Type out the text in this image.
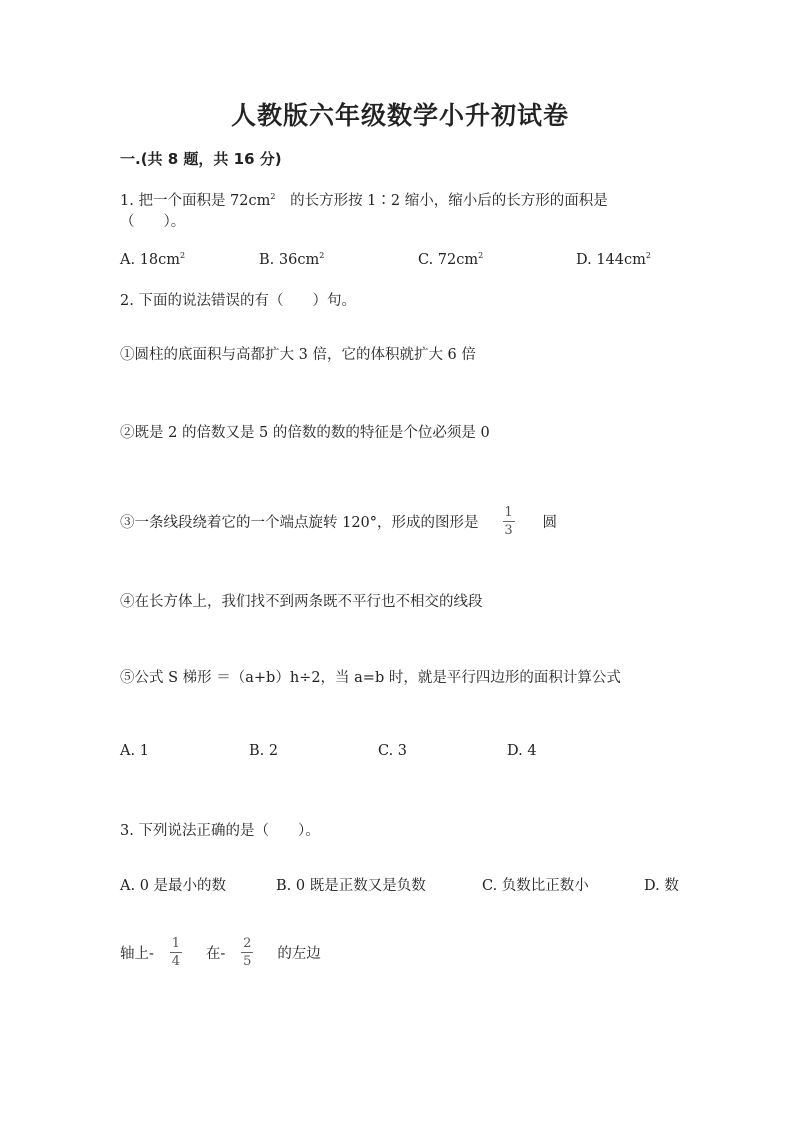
人教版六年级数学小升初试卷
一.(共 8 题，共 16 分)
1. 把一个面积是 $72cm^2$ 的长方形按 1∶2 缩小，缩小后的长方形的面积是
（　　）。
A. $18cm^2$	B. $36cm^2$	C. $72cm^2$	D. $144cm^2$
2. 下面的说法错误的有（　　）句。
①圆柱的底面积与高都扩大 3 倍，它的体积就扩大 6 倍
②既是 2 的倍数又是 5 的倍数的数的特征是个位必须是 0
③一条线段绕着它的一个端点旋转 120°，形成的图形是 $\frac{1}{3}$ 圆
④在长方体上，我们找不到两条既不平行也不相交的线段
⑤公式 S 梯形 ＝（a+b）h÷2，当 a=b 时，就是平行四边形的面积计算公式
A. 1	B. 2	C. 3	D. 4
3. 下列说法正确的是（　　）。
A. 0 是最小的数	B. 0 既是正数又是负数	C. 负数比正数小	D. 数
轴上- $\frac{1}{4}$ 在- $\frac{2}{5}$ 的左边
